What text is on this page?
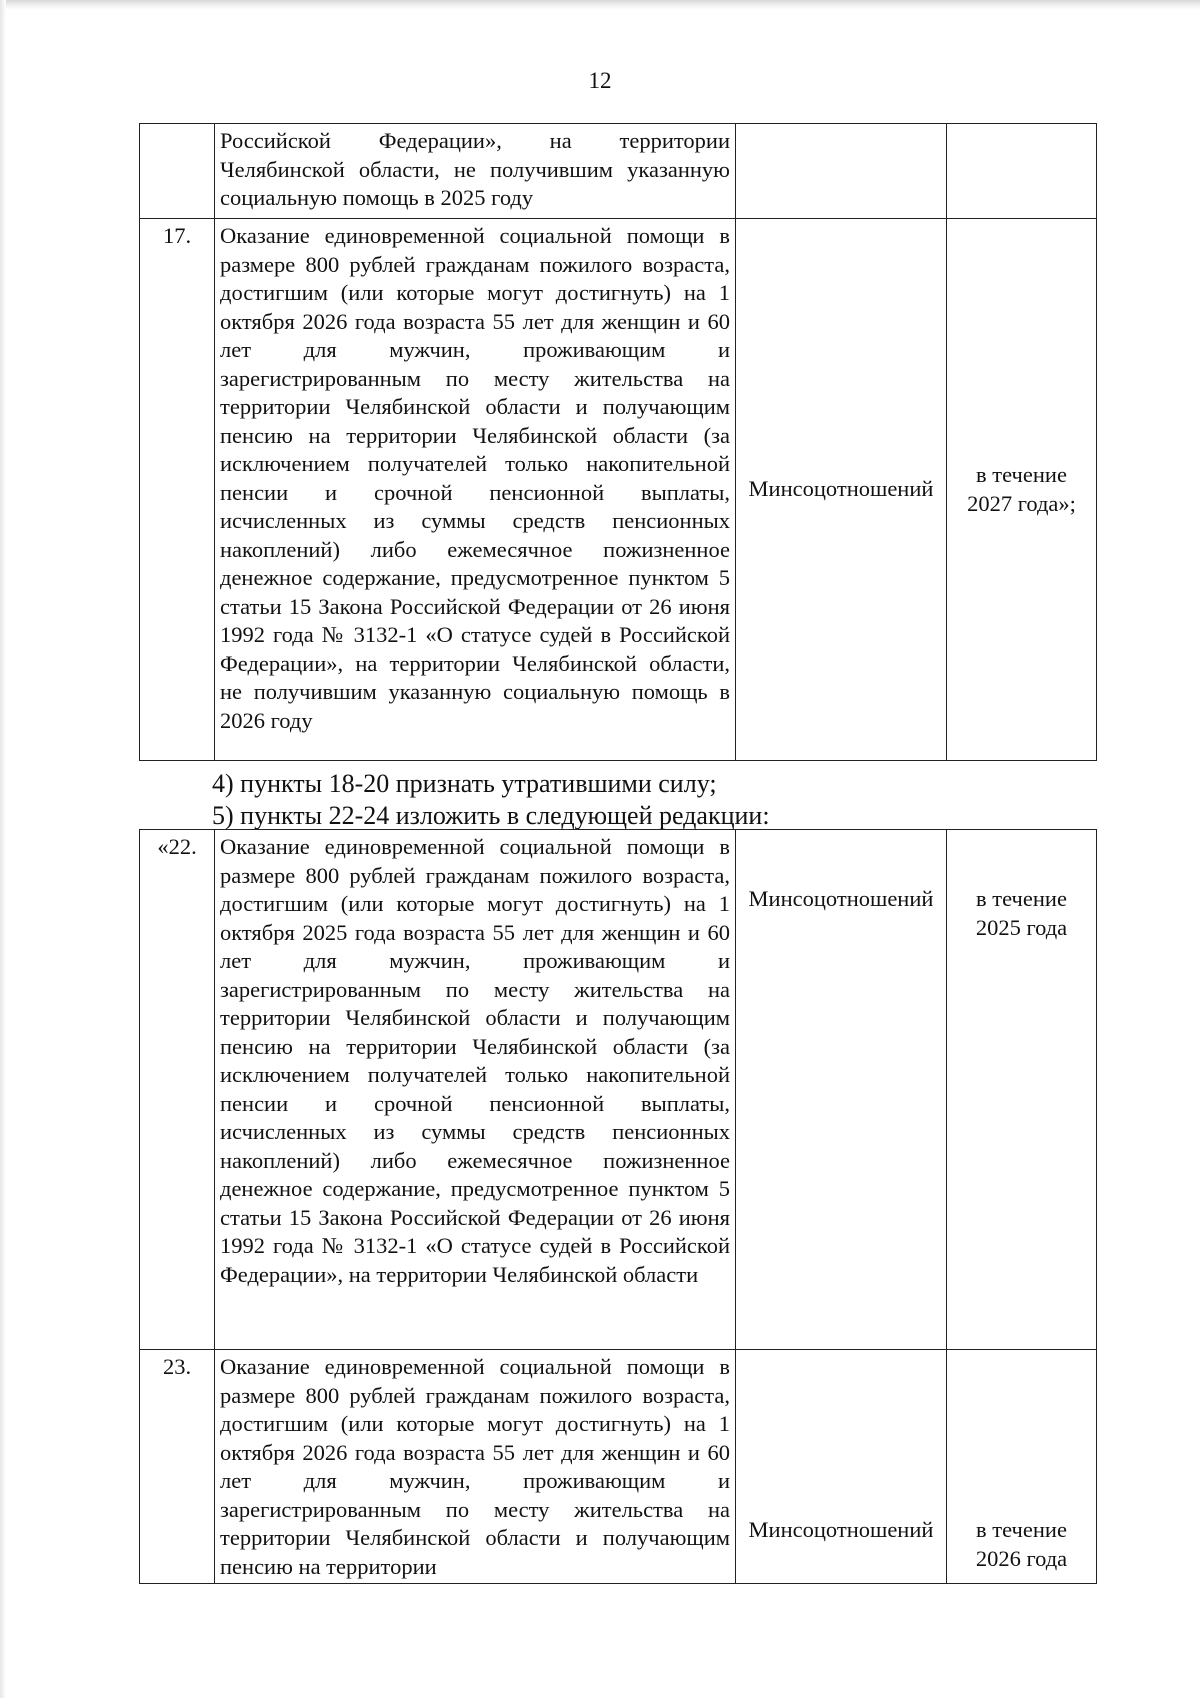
12
	Российской Федерации», на территории Челябинской области, не получившим указанную социальную помощь в 2025 году		

17.	Оказание единовременной социальной помощи в размере 800 рублей гражданам пожилого возраста, достигшим (или которые могут достигнуть) на 1 октября 2026 года возраста 55 лет для женщин и 60 лет для мужчин, проживающим и зарегистрированным по месту жительства на территории Челябинской области и получающим пенсию на территории Челябинской области (за исключением получателей только накопительной пенсии и срочной пенсионной выплаты, исчисленных из суммы средств пенсионных накоплений) либо ежемесячное пожизненное денежное содержание, предусмотренное пунктом 5 статьи 15 Закона Российской Федерации от 26 июня 1992 года № 3132-1 «О статусе судей в Российской Федерации», на территории Челябинской области, не получившим указанную социальную помощь в 2026 году	Минсоцотношений	в течение
2027 года»;
4) пункты 18-20 признать утратившими силу;
5) пункты 22-24 изложить в следующей редакции:
«22.	Оказание единовременной социальной помощи в размере 800 рублей гражданам пожилого возраста, достигшим (или которые могут достигнуть) на 1 октября 2025 года возраста 55 лет для женщин и 60 лет для мужчин, проживающим и зарегистрированным по месту жительства на территории Челябинской области и получающим пенсию на территории Челябинской области (за исключением получателей только накопительной пенсии и срочной пенсионной выплаты, исчисленных из суммы средств пенсионных накоплений) либо ежемесячное пожизненное денежное содержание, предусмотренное пунктом 5 статьи 15 Закона Российской Федерации от 26 июня 1992 года № 3132-1 «О статусе судей в Российской Федерации», на территории Челябинской области	Минсоцотношений	в течение
2025 года

23.	Оказание единовременной социальной помощи в размере 800 рублей гражданам пожилого возраста, достигшим (или которые могут достигнуть) на 1 октября 2026 года возраста 55 лет для женщин и 60 лет для мужчин, проживающим и зарегистрированным по месту жительства на территории Челябинской области и получающим пенсию на территории	Минсоцотношений	в течение
2026 года
